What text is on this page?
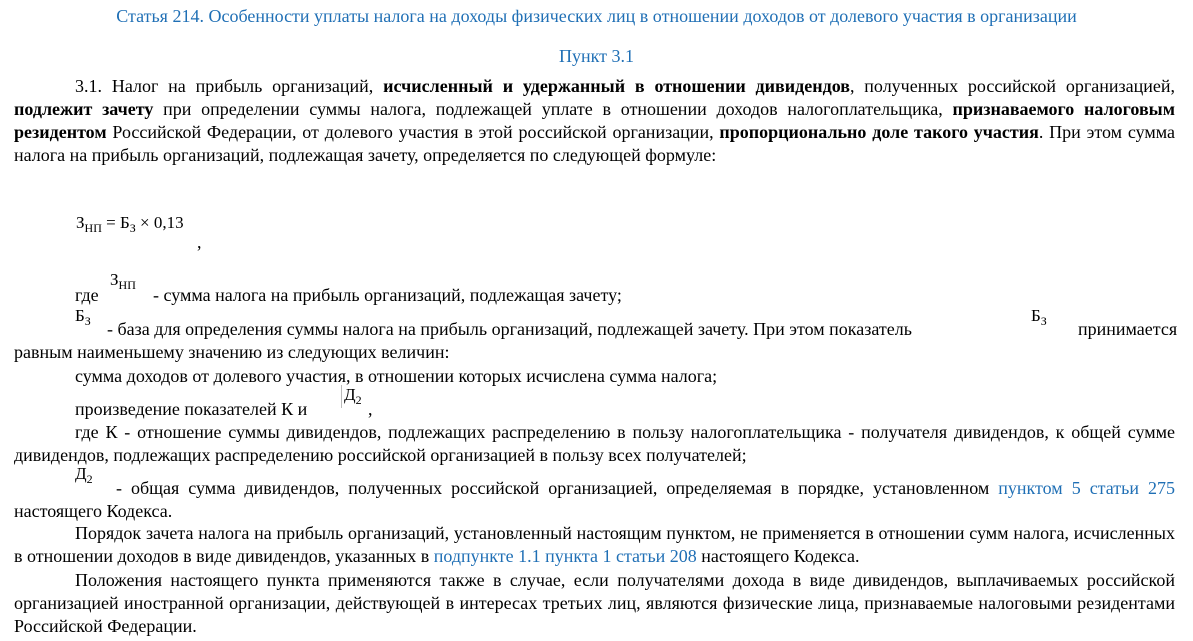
Статья 214. Особенности уплаты налога на доходы физических лиц в отношении доходов от долевого участия в организации
Пункт 3.1
3.1. Налог на прибыль организаций, исчисленный и удержанный в отношении дивидендов, полученных российской организацией, подлежит зачету при определении суммы налога, подлежащей уплате в отношении доходов налогоплательщика, признаваемого налоговым резидентом Российской Федерации, от долевого участия в этой российской организации, пропорционально доле такого участия. При этом сумма налога на прибыль организаций, подлежащая зачету, определяется по следующей формуле:
$З_{НП} = Б_З \times 0,13$
,
где
$З_{НП}$ - сумма налога на прибыль организаций, подлежащая зачету;
$Б_З$ - база для определения суммы налога на прибыль организаций, подлежащей зачету. При этом показатель
$Б_З$ принимается
равным наименьшему значению из следующих величин:
сумма доходов от долевого участия, в отношении которых исчислена сумма налога;
произведение показателей К и
$Д_2$ ,
где К - отношение суммы дивидендов, подлежащих распределению в пользу налогоплательщика - получателя дивидендов, к общей сумме дивидендов, подлежащих распределению российской организацией в пользу всех получателей;
$Д_2$ - общая сумма дивидендов, полученных российской организацией, определяемая в порядке, установленном пунктом 5 статьи 275 настоящего Кодекса.
Порядок зачета налога на прибыль организаций, установленный настоящим пунктом, не применяется в отношении сумм налога, исчисленных в отношении доходов в виде дивидендов, указанных в подпункте 1.1 пункта 1 статьи 208 настоящего Кодекса.
Положения настоящего пункта применяются также в случае, если получателями дохода в виде дивидендов, выплачиваемых российской организацией иностранной организации, действующей в интересах третьих лиц, являются физические лица, признаваемые налоговыми резидентами Российской Федерации.
